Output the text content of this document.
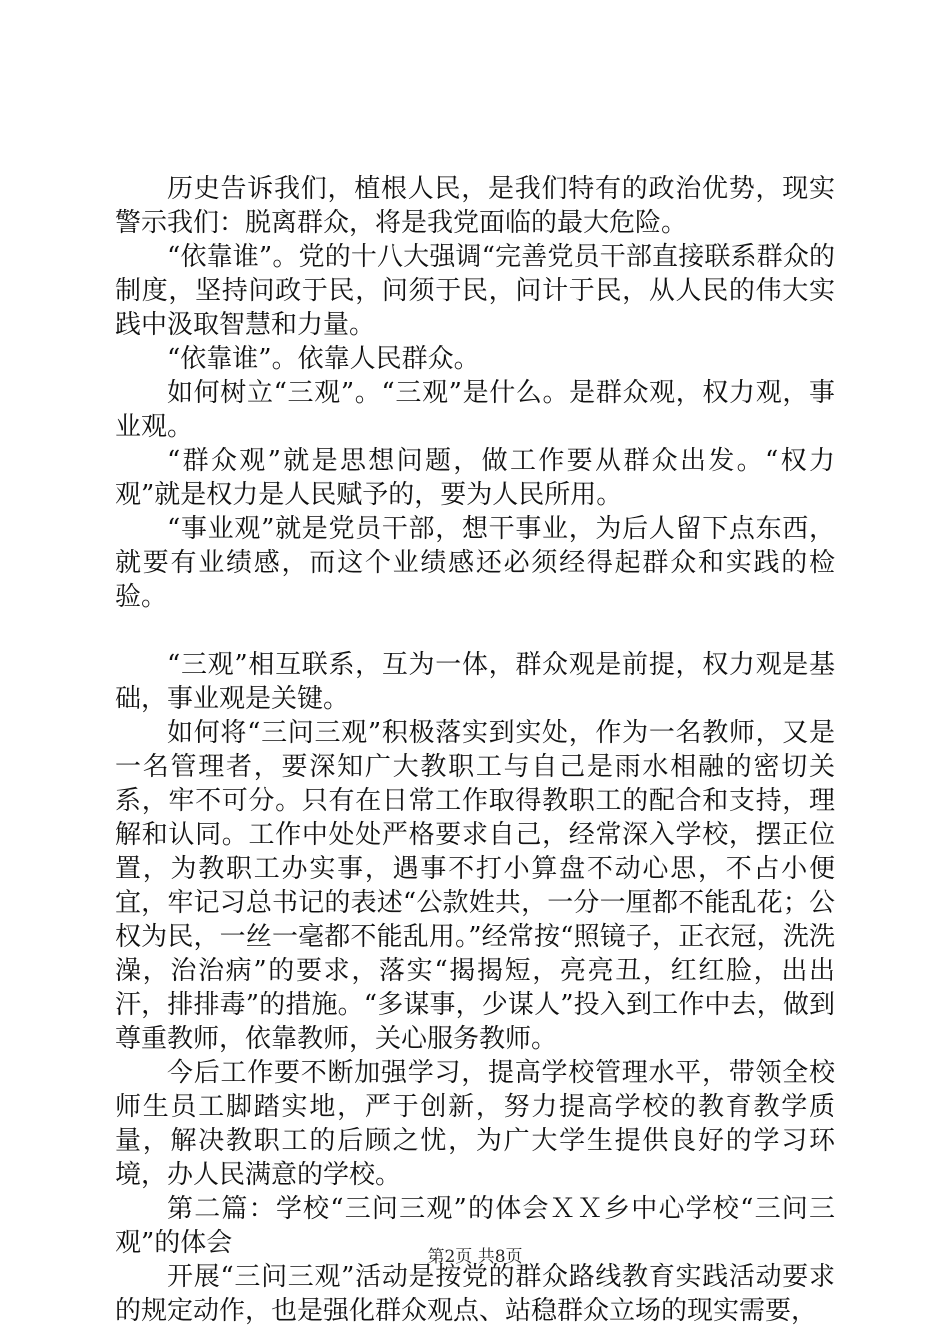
历史告诉我们，植根人民，是我们特有的政治优势，现实警示我们：脱离群众，将是我党面临的最大危险。

“依靠谁”。党的十八大强调“完善党员干部直接联系群众的制度，坚持问政于民，问须于民，问计于民，从人民的伟大实践中汲取智慧和力量。

“依靠谁”。依靠人民群众。

如何树立“三观”。“三观”是什么。是群众观，权力观，事业观。

“群众观”就是思想问题，做工作要从群众出发。“权力观”就是权力是人民赋予的，要为人民所用。

“事业观”就是党员干部，想干事业，为后人留下点东西，就要有业绩感，而这个业绩感还必须经得起群众和实践的检验。

“三观”相互联系，互为一体，群众观是前提，权力观是基础，事业观是关键。

如何将“三问三观”积极落实到实处，作为一名教师，又是一名管理者，要深知广大教职工与自己是雨水相融的密切关系，牢不可分。只有在日常工作取得教职工的配合和支持，理解和认同。工作中处处严格要求自己，经常深入学校，摆正位置，为教职工办实事，遇事不打小算盘不动心思，不占小便宜，牢记习总书记的表述“公款姓共，一分一厘都不能乱花；公权为民，一丝一毫都不能乱用。”经常按“照镜子，正衣冠，洗洗澡，治治病”的要求，落实“揭揭短，亮亮丑，红红脸，出出汗，排排毒”的措施。“多谋事，少谋人”投入到工作中去，做到尊重教师，依靠教师，关心服务教师。

今后工作要不断加强学习，提高学校管理水平，带领全校师生员工脚踏实地，严于创新，努力提高学校的教育教学质量，解决教职工的后顾之忧，为广大学生提供良好的学习环境，办人民满意的学校。

第二篇：学校“三问三观”的体会ＸＸ乡中心学校“三问三观”的体会

开展“三问三观”活动是按党的群众路线教育实践活动要求的规定动作，也是强化群众观点、站稳群众立场的现实需要，

第2页 共8页
